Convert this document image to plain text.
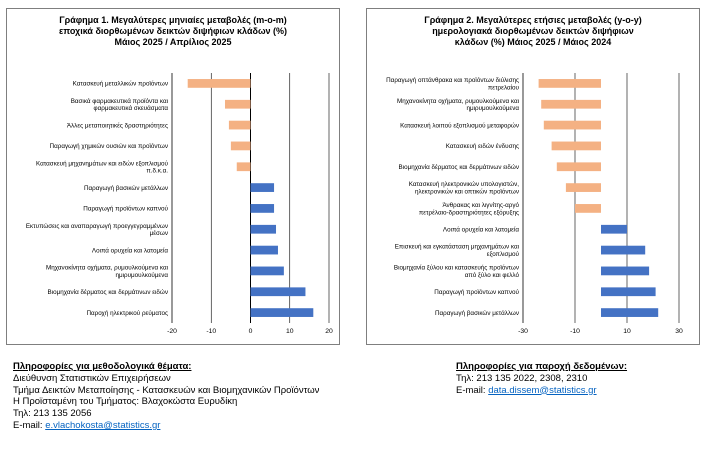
Γράφημα 1. Μεγαλύτερες μηνιαίες μεταβολές (m-o-m)
εποχικά διορθωμένων δεικτών διψήφιων κλάδων (%)
Μάιος 2025 / Απρίλιος 2025
Κατασκευή μεταλλικών προϊόντων
Βασικά φαρμακευτικά προϊόντα και φαρμακευτικά σκευάσματα
Άλλες μεταποιητικές δραστηριότητες
Παραγωγή χημικών ουσιών και προϊόντων
Κατασκευή μηχανημάτων και ειδών εξοπλισμού π.δ.κ.α.
Παραγωγή βασικών μετάλλων
Παραγωγή προϊόντων καπνού
Εκτυπώσεις και αναπαραγωγή προεγγεγραμμένων μέσων
Λοιπά ορυχεία και λατομεία
Μηχανοκίνητα οχήματα, ρυμουλκούμενα και ημιρυμουλκούμενα
Βιομηχανία δέρματος και δερμάτινων ειδών
Παροχή ηλεκτρικού ρεύματος
-20	-10	0	10	20
Γράφημα 2. Μεγαλύτερες ετήσιες μεταβολές (y-o-y)
ημερολογιακά διορθωμένων δεικτών διψήφιων
κλάδων (%) Μάιος 2025 / Μάιος 2024
Παραγωγή οπτάνθρακα και προϊόντων διύλισης πετρελαίου
Μηχανοκίνητα οχήματα, ρυμουλκούμενα και ημιρυμουλκούμενα
Κατασκευή λοιπού εξοπλισμού μεταφορών
Κατασκευή ειδών ένδυσης
Βιομηχανία δέρματος και δερμάτινων ειδών
Κατασκευή ηλεκτρονικών υπολογιστών, ηλεκτρονικών και οπτικών προϊόντων
Άνθρακας και λιγνίτης-αργό πετρέλαιο-δραστηριότητες εξόρυξης
Λοιπά ορυχεία και λατομεία
Επισκευή και εγκατάσταση μηχανημάτων και εξοπλισμού
Βιομηχανία ξύλου και κατασκευής προϊόντων από ξύλο και φελλό
Παραγωγή προϊόντων καπνού
Παραγωγή βασικών μετάλλων
-30	-10	10	30
Πληροφορίες για μεθοδολογικά θέματα:
Διεύθυνση Στατιστικών Επιχειρήσεων
Τμήμα Δεικτών Μεταποίησης - Κατασκευών και Βιομηχανικών Προϊόντων
Η Προϊσταμένη του Τμήματος: Βλαχοκώστα Ευρυδίκη
Τηλ: 213 135 2056
E-mail: e.vlachokosta@statistics.gr
Πληροφορίες για παροχή δεδομένων:
Τηλ: 213 135 2022, 2308, 2310
E-mail: data.dissem@statistics.gr
